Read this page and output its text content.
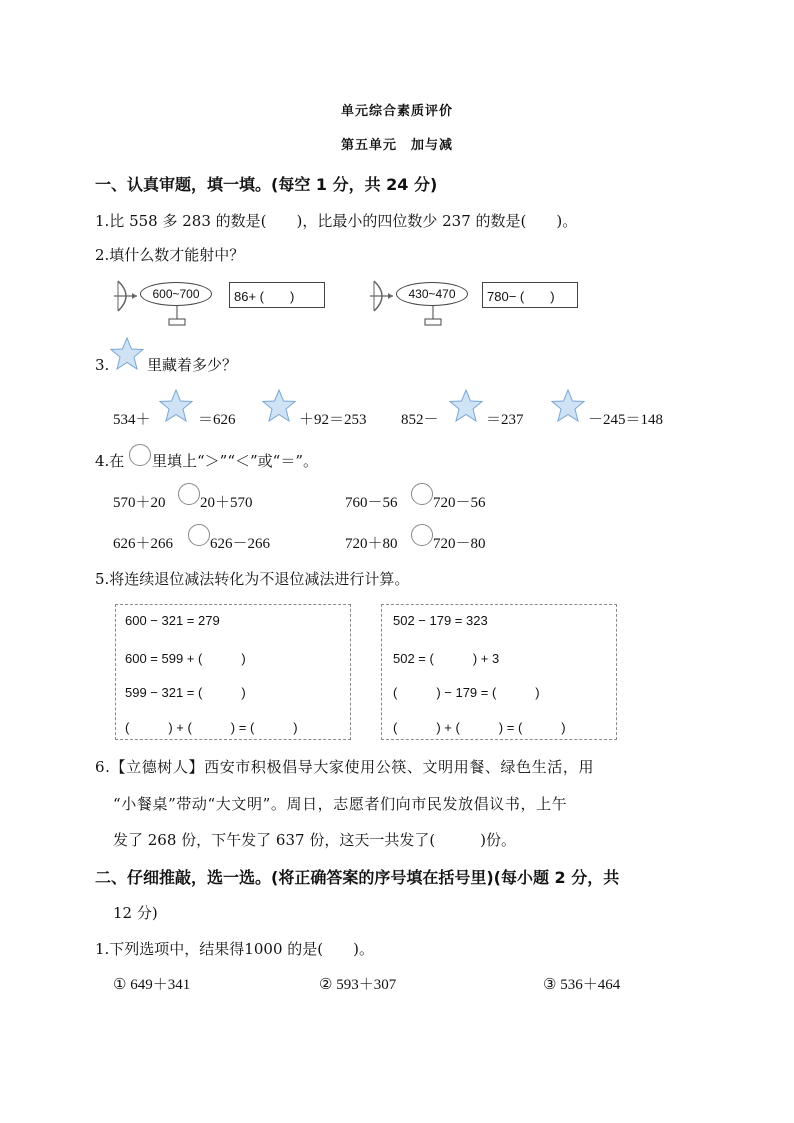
单元综合素质评价
第五单元　加与减
一、认真审题，填一填。(每空 1 分，共 24 分)
1.比 558 多 283 的数是(　　)，比最小的四位数少 237 的数是(　　)。
2.填什么数才能射中？
600~700	86+ (　　)	430~470	780− (　　)
3.	里藏着多少？
534＋	＝626	＋92＝253 852－	＝237	－245＝148
4.在 里填上“＞”“＜”或“＝”。
570＋20 20＋570	760－56 720－56
626＋266 626－266	720＋80 720－80
5.将连续退位减法转化为不退位减法进行计算。
600 − 321 = 279
600 = 599 + (　　　)
599 − 321 = (　　　)
(　　　) + (　　　) = (　　　)
502 − 179 = 323
502 = (　　　) + 3
(　　　) − 179 = (　　　)
(　　　) + (　　　) = (　　　)
6.【立德树人】西安市积极倡导大家使用公筷、文明用餐、绿色生活，用
“小餐桌”带动“大文明”。周日，志愿者们向市民发放倡议书，上午
发了 268 份，下午发了 637 份，这天一共发了(　　　)份。
二、仔细推敲，选一选。(将正确答案的序号填在括号里)(每小题 2 分，共
12 分)
1.下列选项中，结果得1000 的是(　　)。
① 649＋341	② 593＋307	③ 536＋464
